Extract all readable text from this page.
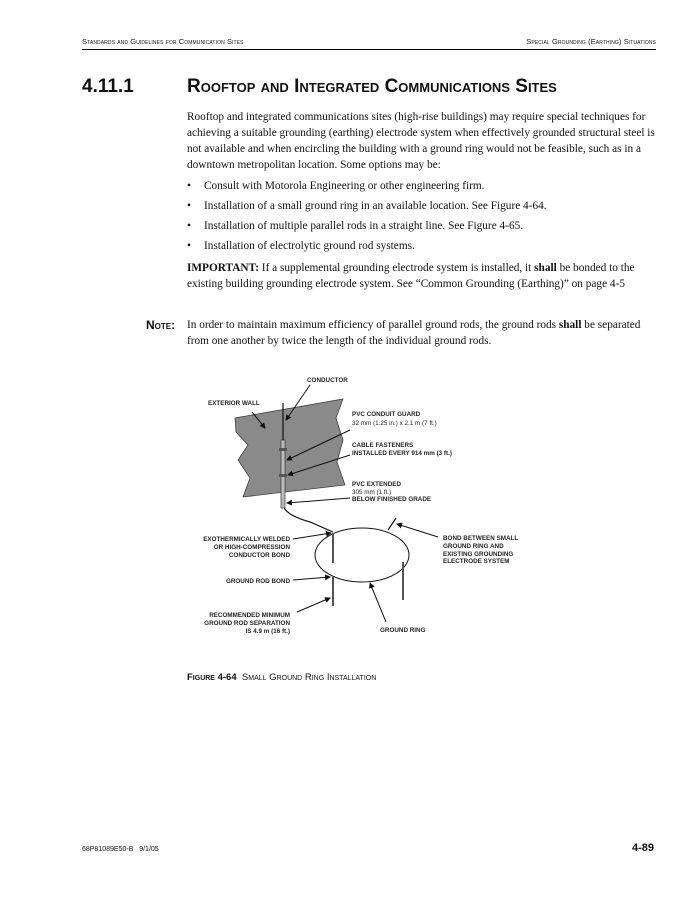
Standards and Guidelines for Communication Sites	Special Grounding (Earthing) Situations
4.11.1	Rooftop and Integrated Communications Sites
Rooftop and integrated communications sites (high-rise buildings) may require special techniques for achieving a suitable grounding (earthing) electrode system when effectively grounded structural steel is not available and when encircling the building with a ground ring would not be feasible, such as in a downtown metropolitan location. Some options may be:
• Consult with Motorola Engineering or other engineering firm.
• Installation of a small ground ring in an available location. See Figure 4-64.
• Installation of multiple parallel rods in a straight line. See Figure 4-65.
• Installation of electrolytic ground rod systems.
IMPORTANT: If a supplemental grounding electrode system is installed, it shall be bonded to the existing building grounding electrode system. See “Common Grounding (Earthing)” on page 4-5
Note: In order to maintain maximum efficiency of parallel ground rods, the ground rods shall be separated from one another by twice the length of the individual ground rods.
CONDUCTOR
EXTERIOR WALL
PVC CONDUIT GUARD
32 mm (1.25 in.) x 2.1 m (7 ft.)
CABLE FASTENERS
INSTALLED EVERY 914 mm (3 ft.)
PVC EXTENDED
305 mm (1 ft.)
BELOW FINISHED GRADE
EXOTHERMICALLY WELDED
OR HIGH-COMPRESSION
CONDUCTOR BOND
BOND BETWEEN SMALL
GROUND RING AND
EXISTING GROUNDING
ELECTRODE SYSTEM
GROUND ROD BOND
RECOMMENDED MINIMUM
GROUND ROD SEPARATION
IS 4.9 m (16 ft.)	GROUND RING
Figure 4-64 Small Ground Ring Installation
68P81089E50-B   9/1/05	4-89
